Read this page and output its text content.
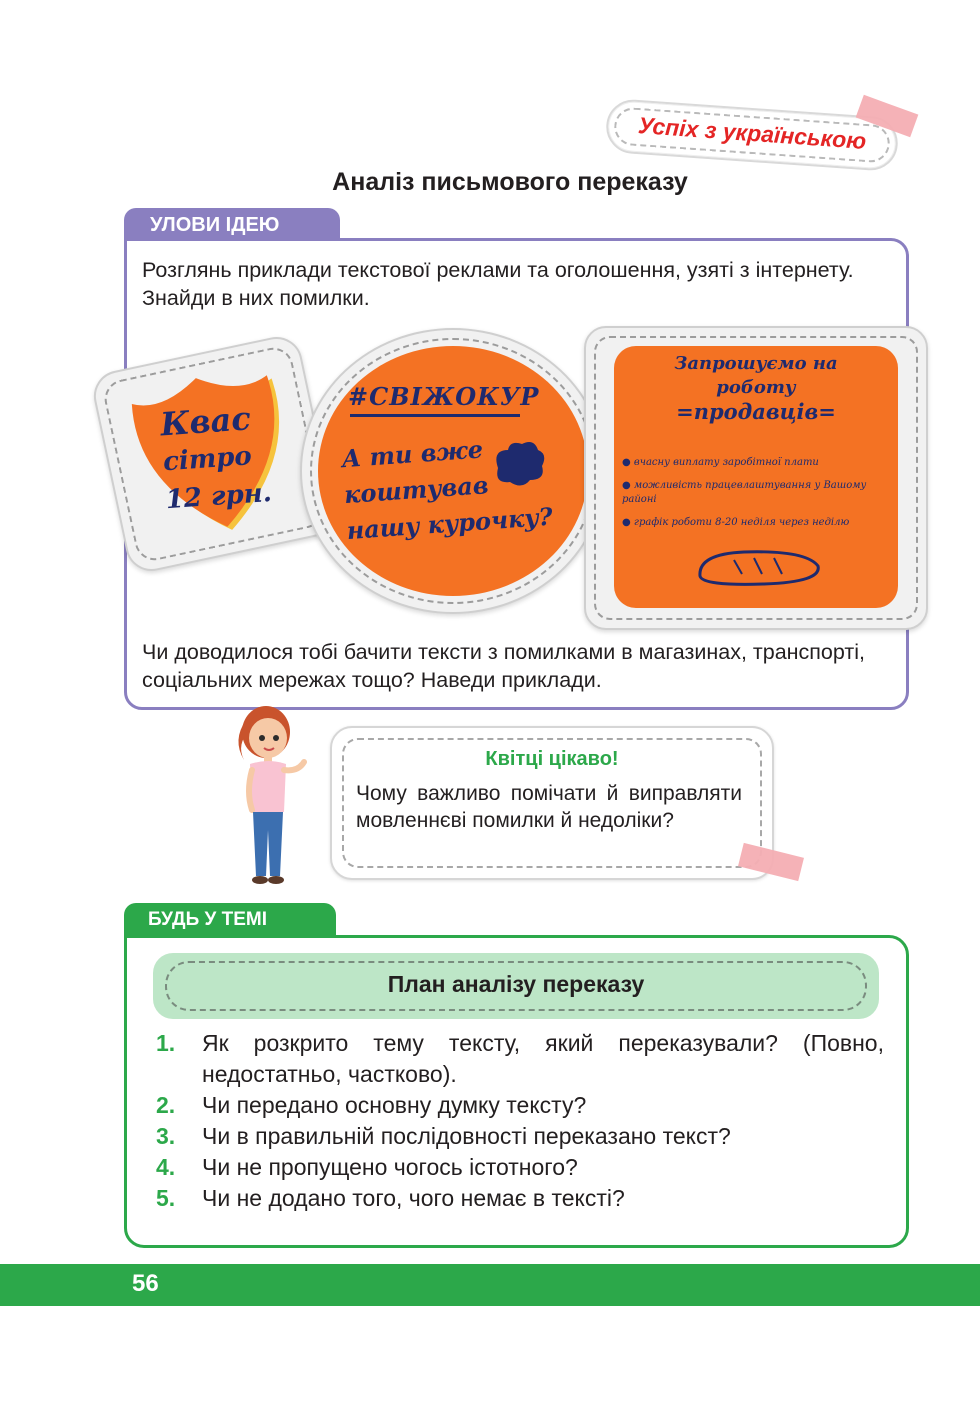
Успіх з українською
Аналіз письмового переказу
УЛОВИ ІДЕЮ
Розглянь приклади текстової реклами та оголошення, узяті з інтернету. Знайди в них помилки.
Квас
сітро
12 грн.
#СВІЖОКУР
А ти вже
коштував
нашу курочку?
Запрошуємо на
роботу
=продавців=
● вчасну виплату заробітної плати
● можливість працевлаштування у Вашому районі
● графік роботи 8-20 неділя через неділю
Чи доводилося тобі бачити тексти з помилками в магазинах, транспорті, соціальних мережах тощо? Наведи приклади.
Квітці цікаво!
Чому важливо помічати й виправляти мовленнєві помилки й недоліки?
БУДЬ У ТЕМІ
План аналізу переказу
1.	Як розкрито тему тексту, який переказували? (Повно, недостатньо, частково).
2.	Чи передано основну думку тексту?
3.	Чи в правильній послідовності переказано текст?
4.	Чи не пропущено чогось істотного?
5.	Чи не додано того, чого немає в тексті?
56
